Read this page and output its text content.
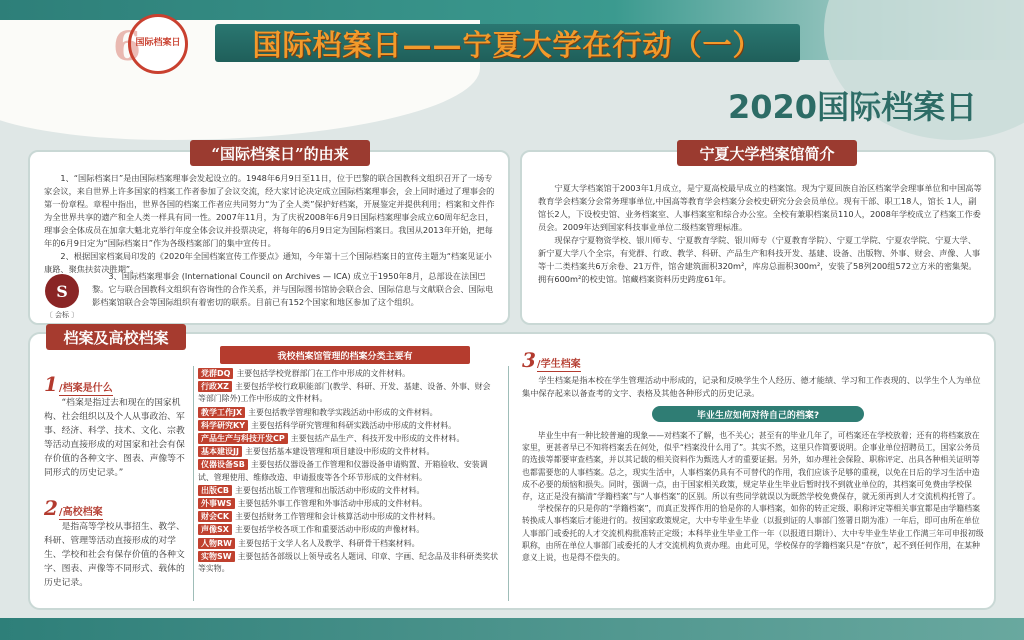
6
国际档案日 国际档案日——宁夏大学在行动（一）
2020国际档案日
“国际档案日”的由来

1、“国际档案日”是由国际档案理事会发起设立的。1948年6月9日至11日，位于巴黎的联合国教科文组织召开了一场专家会议，来自世界上许多国家的档案工作者参加了会议交流，经大家讨论决定成立国际档案理事会，会上同时通过了理事会的第一份章程。章程中指出，世界各国的档案工作者应共同努力“为了全人类”保护好档案，开展鉴定并提供利用；档案和文件作为全世界共享的遗产和全人类一样具有同一性。2007年11月，为了庆祝2008年6月9日国际档案理事会成立60周年纪念日，理事会全体成员在加拿大魁北克举行年度全体会议并投票决定，将每年的6月9日定为国际档案日。我国从2013年开始，把每年的6月9日定为“国际档案日”作为各级档案部门的集中宣传日。

2、根据国家档案局印发的《2020年全国档案宣传工作要点》通知，今年第十三个国际档案日的宣传主题为“档案见证小康路、聚焦扶贫决胜期”。

S
〔 会标 〕
3、国际档案理事会 (International Council on Archives — ICA) 成立于1950年8月，总部设在法国巴黎。它与联合国教科文组织有咨询性的合作关系，并与国际图书馆协会联合会、国际信息与文献联合会、国际电影档案馆联合会等国际组织有着密切的联系。目前已有152个国家和地区参加了这个组织。
宁夏大学档案馆简介

宁夏大学档案馆于2003年1月成立，是宁夏高校最早成立的档案馆。现为宁夏回族自治区档案学会理事单位和中国高等教育学会档案分会常务理事单位,中国高等教育学会档案分会校史研究分会会员单位。现有干部、职工18人，馆长 1人，副馆长2人，下设校史馆、业务档案室、人事档案室和综合办公室。全校有兼职档案员110人，2008年学校成立了档案工作委员会。2009年达到国家科技事业单位二级档案管理标准。

现保存宁夏物资学校、银川师专、宁夏教育学院、银川师专（宁夏教育学院）、宁夏工学院、宁夏农学院、宁夏大学、新宁夏大学八个全宗，有党群、行政、教学、科研、产品生产和科技开发、基建、设备、出版物、外事、财会、声像、人事等十二类档案共6万余卷、21万件，馆舍建筑面积320m²，库房总面积300m²，安装了58列200组572立方米的密集架。拥有600m²的校史馆。馆藏档案资料历史跨度61年。

档案及高校档案
1 /档案是什么
“档案是指过去和现在的国家机构、社会组织以及个人从事政治、军事、经济、科学、技术、文化、宗教等活动直接形成的对国家和社会有保存价值的各种文字、图表、声像等不同形式的历史记录。”
2 /高校档案
是指高等学校从事招生、教学、科研、管理等活动直接形成的对学生、学校和社会有保存价值的各种文字、图表、声像等不同形式、载体的历史记录。
我校档案馆管理的档案分类主要有
党群DQ 主要包括学校党群部门在工作中形成的文件材料。
行政XZ 主要包括学校行政职能部门(教学、科研、开发、基建、设备、外事、财会等部门除外)工作中形成的文件材料。
教学工作JX 主要包括教学管理和教学实践活动中形成的文件材料。
科学研究KY 主要包括科学研究管理和科研实践活动中形成的文件材料。
产品生产与科技开发CP 主要包括产品生产、科技开发中形成的文件材料。
基本建设JJ 主要包括基本建设管理和项目建设中形成的文件材料。
仪器设备SB 主要包括仪器设备工作管理和仪器设备申请购置、开箱验收、安装调试、管理使用、维修改造、申请报废等各个环节形成的文件材料。
出版CB 主要包括出版工作管理和出版活动中形成的文件材料。
外事WS 主要包括外事工作管理和外事活动中形成的文件材料。
财会CK 主要包括财务工作管理和会计核算活动中形成的文件材料。
声像SX 主要包括学校各项工作和重要活动中形成的声像材料。
人物RW 主要包括于文学人名人及教学、科研骨干档案材料。
实物SW 主要包括各部级以上领导或名人题词、印章、字画、纪念品及非科研类奖状等实物。
3 /学生档案
学生档案是指本校在学生管理活动中形成的，记录和反映学生个人经历、德才能绩、学习和工作表现的、以学生个人为单位集中保存起来以备查考的文字、表格及其他各种形式的历史记录。
毕业生应如何对待自己的档案?

毕业生中有一种比较普遍的现象——对档案不了解，也不关心；甚至有的毕业几年了，可档案还在学校放着；还有的将档案放在家里，更甚者早已不知将档案丢在何处，似乎“档案没什么用了”。其实不然，这里只作简要说明。企事业单位招聘员工，国家公务员的选拔等都要审查档案，并以其记载的相关资料作为甄选人才的重要证据。另外，如办理社会保险、职称评定、出具各种相关证明等也都需要您的人事档案。总之，现实生活中，人事档案仍具有不可替代的作用，我们应该予足够的重视，以免在日后的学习生活中造成不必要的烦恼和损失。同时，强调一点，由于国家相关政策，规定毕业生毕业后暂时找不到就业单位的，其档案可免费由学校保存，这正是没有搞清“学籍档案”与“人事档案”的区别。所以有些同学就误以为既然学校免费保存，就无须再到人才交流机构托管了。

学校保存的只是你的“学籍档案”，而真正发挥作用的恰是你的人事档案，如你的转正定级、职称评定等相关事宜都是由学籍档案转换成人事档案后才能进行的。按国家政策规定，大中专毕业生毕业（以报到证的人事部门签署日期为准）一年后，即可由所在单位人事部门或委托的人才交流机构批准转正定级；本科毕业生毕业工作一年（以报道日期计）、大中专毕业生毕业工作满三年可申报初级职称，由所在单位人事部门或委托的人才交流机构负责办理。由此可见，学校保存的学籍档案只是“存放”，起不到任何作用，在某种意义上说，也是得不偿失的。
